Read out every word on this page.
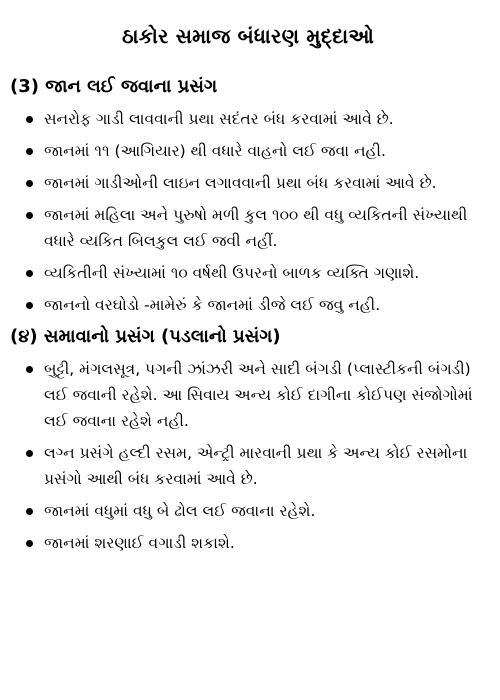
ઠાકોર સમાજ બંધારણ મુદ્દાઓ
(3) જાન લઈ જવાના પ્રસંગ
સનરોફ ગાડી લાવવાની પ્રથા સદંતર બંધ કરવામાં આવે છે.
જાનમાં ૧૧ (આગિયાર) થી વધારે વાહનો લઈ જવા નહી.
જાનમાં ગાડીઓની લાઇન લગાવવાની પ્રથા બંધ કરવામાં આવે છે.
જાનમાં મહિલા અને પુરુષો મળી કુલ ૧૦૦ થી વધુ વ્યકિતની સંખ્યાથી વધારે વ્યકિત બિલકુલ લઈ જવી નહીં.
વ્યકિતીની સંખ્યામાં ૧૦ વર્ષથી ઉપરનો બાળક વ્યક્તિ ગણાશે.
જાનનો વરઘોડો -મામેરું કે જાનમાં ડીજે લઈ જવુ નહી.
(૪) સમાવાનો પ્રસંગ (પડલાનો પ્રસંગ)
બુટ્ટી, મંગલસૂત્ર, પગની ઝાંઝરી અને સાદી બંગડી (પ્લાસ્ટીકની બંગડી) લઈ જવાની રહેશે. આ સિવાય અન્ય કોઈ દાગીના કોઈપણ સંજોગોમાં લઈ જવાના રહેશે નહી.
લગ્ન પ્રસંગે હલ્દી રસમ, એન્ટ્રી મારવાની પ્રથા કે અન્ય કોઈ રસમોના પ્રસંગો આથી બંધ કરવામાં આવે છે.
જાનમાં વધુમાં વધુ બે ઢોલ લઈ જવાના રહેશે.
જાનમાં શરણાઈ વગાડી શકાશે.
